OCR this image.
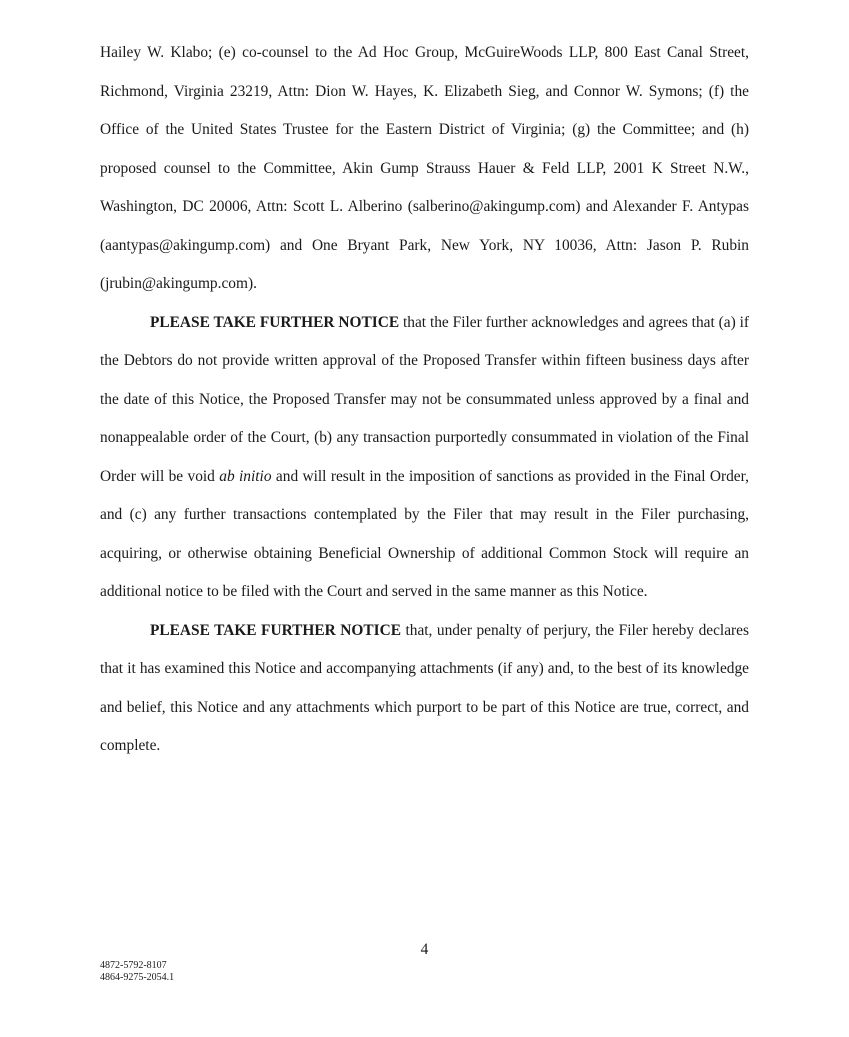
Hailey W. Klabo; (e) co-counsel to the Ad Hoc Group, McGuireWoods LLP, 800 East Canal Street, Richmond, Virginia 23219, Attn: Dion W. Hayes, K. Elizabeth Sieg, and Connor W. Symons; (f) the Office of the United States Trustee for the Eastern District of Virginia; (g) the Committee; and (h) proposed counsel to the Committee, Akin Gump Strauss Hauer & Feld LLP, 2001 K Street N.W., Washington, DC 20006, Attn: Scott L. Alberino (salberino@akingump.com) and Alexander F. Antypas (aantypas@akingump.com) and One Bryant Park, New York, NY 10036, Attn: Jason P. Rubin (jrubin@akingump.com).

PLEASE TAKE FURTHER NOTICE that the Filer further acknowledges and agrees that (a) if the Debtors do not provide written approval of the Proposed Transfer within fifteen business days after the date of this Notice, the Proposed Transfer may not be consummated unless approved by a final and nonappealable order of the Court, (b) any transaction purportedly consummated in violation of the Final Order will be void ab initio and will result in the imposition of sanctions as provided in the Final Order, and (c) any further transactions contemplated by the Filer that may result in the Filer purchasing, acquiring, or otherwise obtaining Beneficial Ownership of additional Common Stock will require an additional notice to be filed with the Court and served in the same manner as this Notice.

PLEASE TAKE FURTHER NOTICE that, under penalty of perjury, the Filer hereby declares that it has examined this Notice and accompanying attachments (if any) and, to the best of its knowledge and belief, this Notice and any attachments which purport to be part of this Notice are true, correct, and complete.

4
4872-5792-8107
4864-9275-2054.1
